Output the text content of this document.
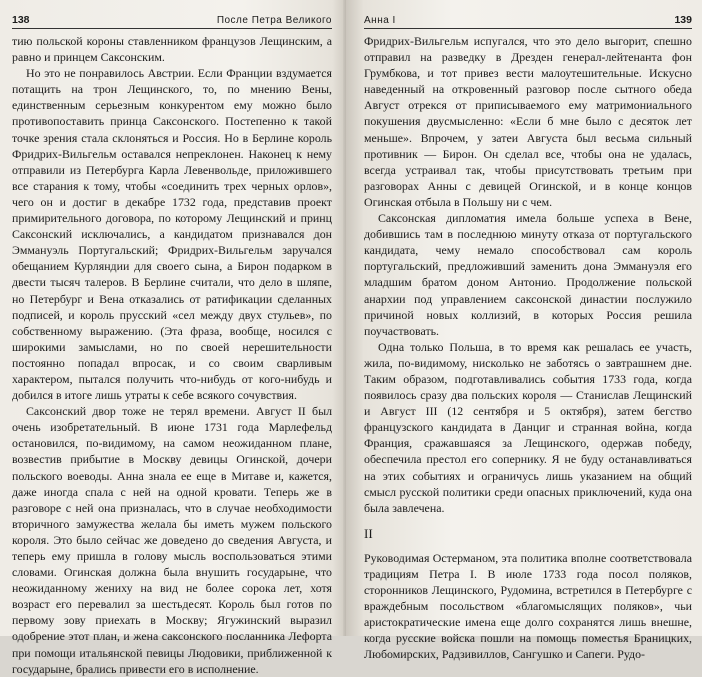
138	После Петра Великого

тию польской короны ставленником французов Лещинским, а равно и принцем Саксонским.

Но это не понравилось Австрии. Если Франции вздумается потащить на трон Лещинского, то, по мнению Вены, единственным серьезным конкурентом ему можно было противопоставить принца Саксонского. Постепенно к такой точке зрения стала склоняться и Россия. Но в Берлине король Фридрих-Вильгельм оставался непреклонен. Наконец к нему отправили из Петербурга Карла Левенвольде, приложившего все старания к тому, чтобы «соединить трех черных орлов», чего он и достиг в декабре 1732 года, представив проект примирительного договора, по которому Лещинский и принц Саксонский исключались, а кандидатом признавался дон Эммануэль Португальский; Фридрих-Вильгельм заручался обещанием Курляндии для своего сына, а Бирон подарком в двести тысяч талеров. В Берлине считали, что дело в шляпе, но Петербург и Вена отказались от ратификации сделанных подписей, и король прусский «сел между двух стульев», по собственному выражению. (Эта фраза, вообще, носился с широкими замыслами, но по своей нерешительности постоянно попадал впросак, и со своим сварливым характером, пытался получить что-нибудь от кого-нибудь и добился в итоге лишь утраты к себе всякого сочувствия.

Саксонский двор тоже не терял времени. Август II был очень изобретательный. В июне 1731 года Марлефельд остановился, по-видимому, на самом неожиданном плане, возвестив прибытие в Москву девицы Огинской, дочери польского воеводы. Анна знала ее еще в Митаве и, кажется, даже иногда спала с ней на одной кровати. Теперь же в разговоре с ней она призналась, что в случае необходимости вторичного замужества желала бы иметь мужем польского короля. Это было сейчас же доведено до сведения Августа, и теперь ему пришла в голову мысль воспользоваться этими словами. Огинская должна была внушить государыне, что неожиданному жениху на вид не более сорока лет, хотя возраст его перевалил за шестьдесят. Король был готов по первому зову приехать в Москву; Ягужинский выразил одобрение этот план, и жена саксонского посланника Лефорта при помощи итальянской певицы Людовики, приближенной к государыне, брались привести его в исполнение.

Анна I	139

Фридрих-Вильгельм испугался, что это дело выгорит, спешно отправил на разведку в Дрезден генерал-лейтенанта фон Грумбкова, и тот привез вести малоутешительные. Искусно наведенный на откровенный разговор после сытного обеда Август отрекся от приписываемого ему матримониального покушения двусмысленно: «Если б мне было с десяток лет меньше». Впрочем, у затеи Августа был весьма сильный противник — Бирон. Он сделал все, чтобы она не удалась, всегда устраивал так, чтобы присутствовать третьим при разговорах Анны с девицей Огинской, и в конце концов Огинская отбыла в Польшу ни с чем.

Саксонская дипломатия имела больше успеха в Вене, добившись там в последнюю минуту отказа от португальского кандидата, чему немало способствовал сам король португальский, предложивший заменить дона Эммануэля его младшим братом доном Антонио. Продолжение польской анархии под управлением саксонской династии послужило причиной новых коллизий, в которых Россия решила поучаствовать.

Одна только Польша, в то время как решалась ее участь, жила, по-видимому, нисколько не заботясь о завтрашнем дне. Таким образом, подготавливались события 1733 года, когда появилось сразу два польских короля — Станислав Лещинский и Август III (12 сентября и 5 октября), затем бегство французского кандидата в Данциг и странная война, когда Франция, сражавшаяся за Лещинского, одержав победу, обеспечила престол его сопернику. Я не буду останавливаться на этих событиях и ограничусь лишь указанием на общий смысл русской политики среди опасных приключений, куда она была завлечена.

II

Руководимая Остерманом, эта политика вполне соответствовала традициям Петра I. В июле 1733 года посол поляков, сторонников Лещинского, Рудомина, встретился в Петербурге с враждебным посольством «благомыслящих поляков», чьи аристократические имена еще долго сохранятся лишь внешне, когда русские войска пошли на помощь поместья Браницких, Любомирских, Радзивиллов, Сангушко и Сапеги. Рудо-
